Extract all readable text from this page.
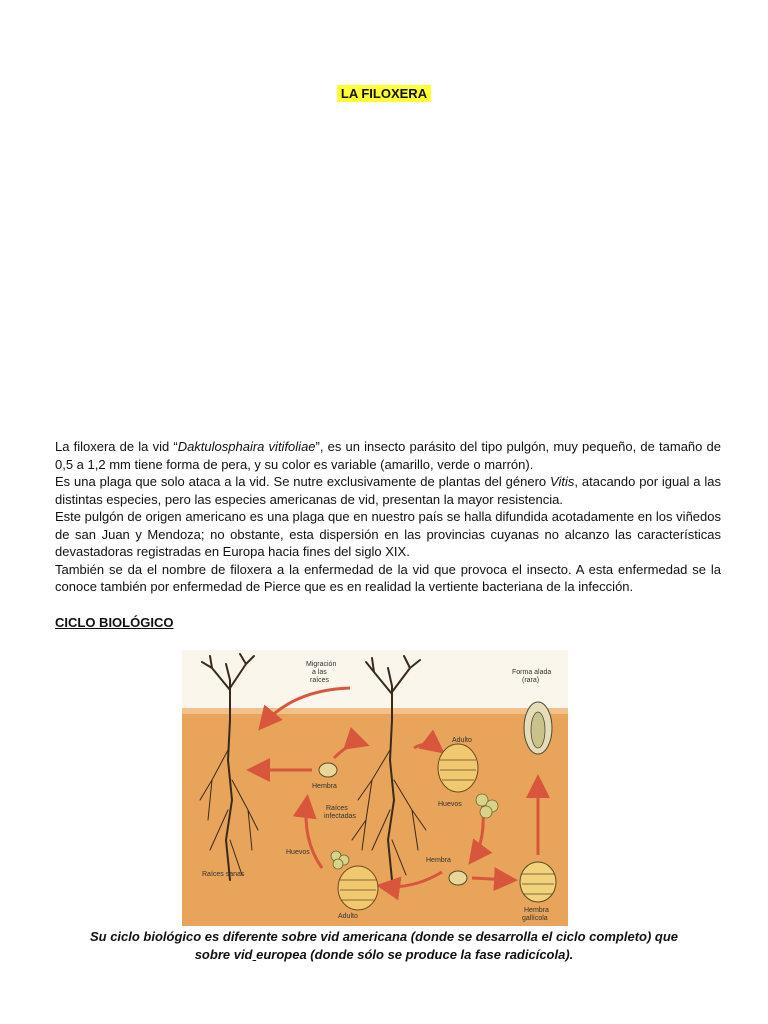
LA FILOXERA

La filoxera de la vid “Daktulosphaira vitifoliae”, es un insecto parásito del tipo pulgón, muy pequeño, de tamaño de 0,5 a 1,2 mm tiene forma de pera, y su color es variable (amarillo, verde o marrón).

Es una plaga que solo ataca a la vid. Se nutre exclusivamente de plantas del género Vitis, atacando por igual a las distintas especies, pero las especies americanas de vid, presentan la mayor resistencia.

Este pulgón de origen americano es una plaga que en nuestro país se halla difundida acotadamente en los viñedos de san Juan y Mendoza; no obstante, esta dispersión en las provincias cuyanas no alcanzo las características devastadoras registradas en Europa hacia fines del siglo XIX.

También se da el nombre de filoxera a la enfermedad de la vid que provoca el insecto. A esta enfermedad se la conoce también por enfermedad de Pierce que es en realidad la vertiente bacteriana de la infección.

CICLO BIOLÓGICO
Migración
a las
raíces
Hembra
Raíces
infectadas
Huevos
Raíces sanas
Adulto
Huevos
Hembra
Adulto
Forma alada
(rara)
Hembra
gallícola
Su ciclo biológico es diferente sobre vid americana (donde se desarrolla el ciclo completo) que
sobre vid europea (donde sólo se produce la fase radicícola).
